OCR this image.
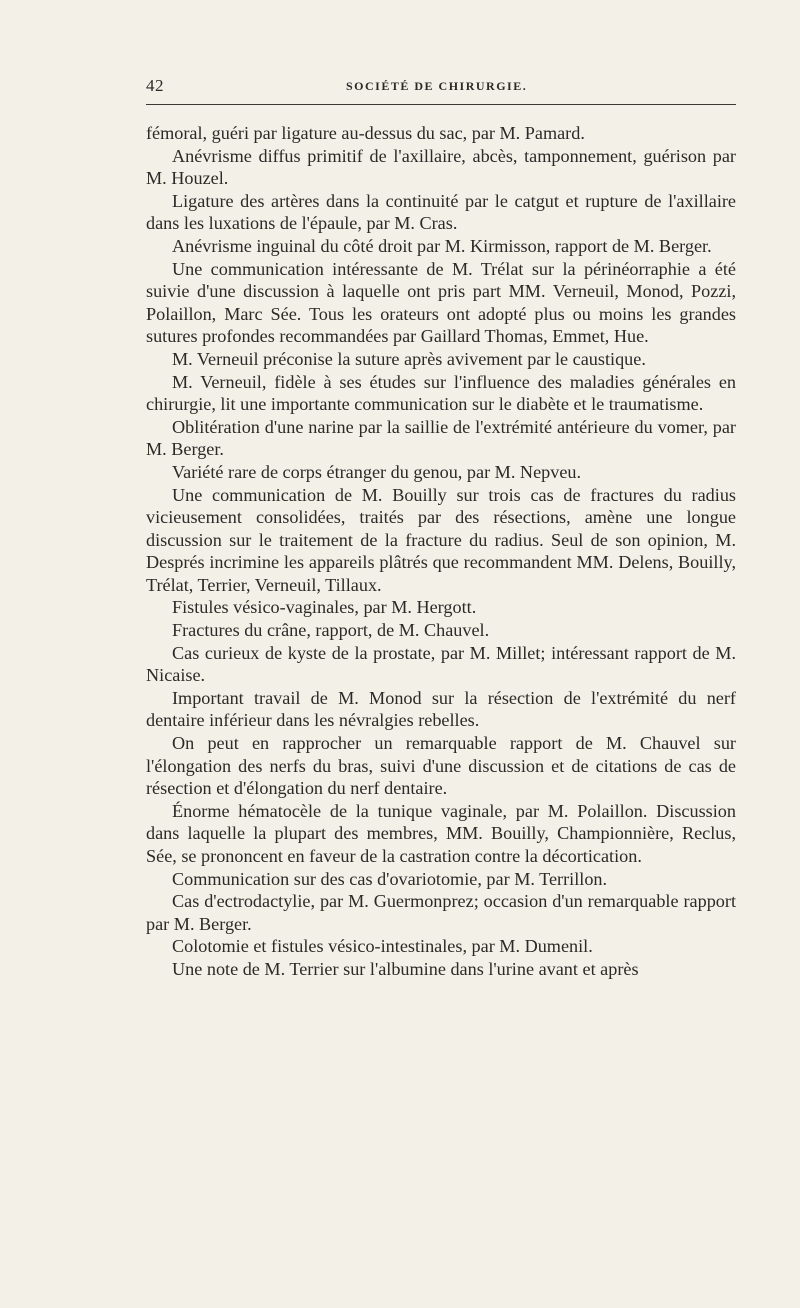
42	SOCIÉTÉ DE CHIRURGIE.

fémoral, guéri par ligature au-dessus du sac, par M. Pamard.

Anévrisme diffus primitif de l'axillaire, abcès, tamponnement, guérison par M. Houzel.

Ligature des artères dans la continuité par le catgut et rupture de l'axillaire dans les luxations de l'épaule, par M. Cras.

Anévrisme inguinal du côté droit par M. Kirmisson, rapport de M. Berger.

Une communication intéressante de M. Trélat sur la périnéorraphie a été suivie d'une discussion à laquelle ont pris part MM. Verneuil, Monod, Pozzi, Polaillon, Marc Sée. Tous les orateurs ont adopté plus ou moins les grandes sutures profondes recommandées par Gaillard Thomas, Emmet, Hue.

M. Verneuil préconise la suture après avivement par le caustique.

M. Verneuil, fidèle à ses études sur l'influence des maladies générales en chirurgie, lit une importante communication sur le diabète et le traumatisme.

Oblitération d'une narine par la saillie de l'extrémité antérieure du vomer, par M. Berger.

Variété rare de corps étranger du genou, par M. Nepveu.

Une communication de M. Bouilly sur trois cas de fractures du radius vicieusement consolidées, traités par des résections, amène une longue discussion sur le traitement de la fracture du radius. Seul de son opinion, M. Després incrimine les appareils plâtrés que recommandent MM. Delens, Bouilly, Trélat, Terrier, Verneuil, Tillaux.

Fistules vésico-vaginales, par M. Hergott.

Fractures du crâne, rapport, de M. Chauvel.

Cas curieux de kyste de la prostate, par M. Millet; intéressant rapport de M. Nicaise.

Important travail de M. Monod sur la résection de l'extrémité du nerf dentaire inférieur dans les névralgies rebelles.

On peut en rapprocher un remarquable rapport de M. Chauvel sur l'élongation des nerfs du bras, suivi d'une discussion et de citations de cas de résection et d'élongation du nerf dentaire.

Énorme hématocèle de la tunique vaginale, par M. Polaillon. Discussion dans laquelle la plupart des membres, MM. Bouilly, Championnière, Reclus, Sée, se prononcent en faveur de la castration contre la décortication.

Communication sur des cas d'ovariotomie, par M. Terrillon.

Cas d'ectrodactylie, par M. Guermonprez; occasion d'un remarquable rapport par M. Berger.

Colotomie et fistules vésico-intestinales, par M. Dumenil.

Une note de M. Terrier sur l'albumine dans l'urine avant et après
